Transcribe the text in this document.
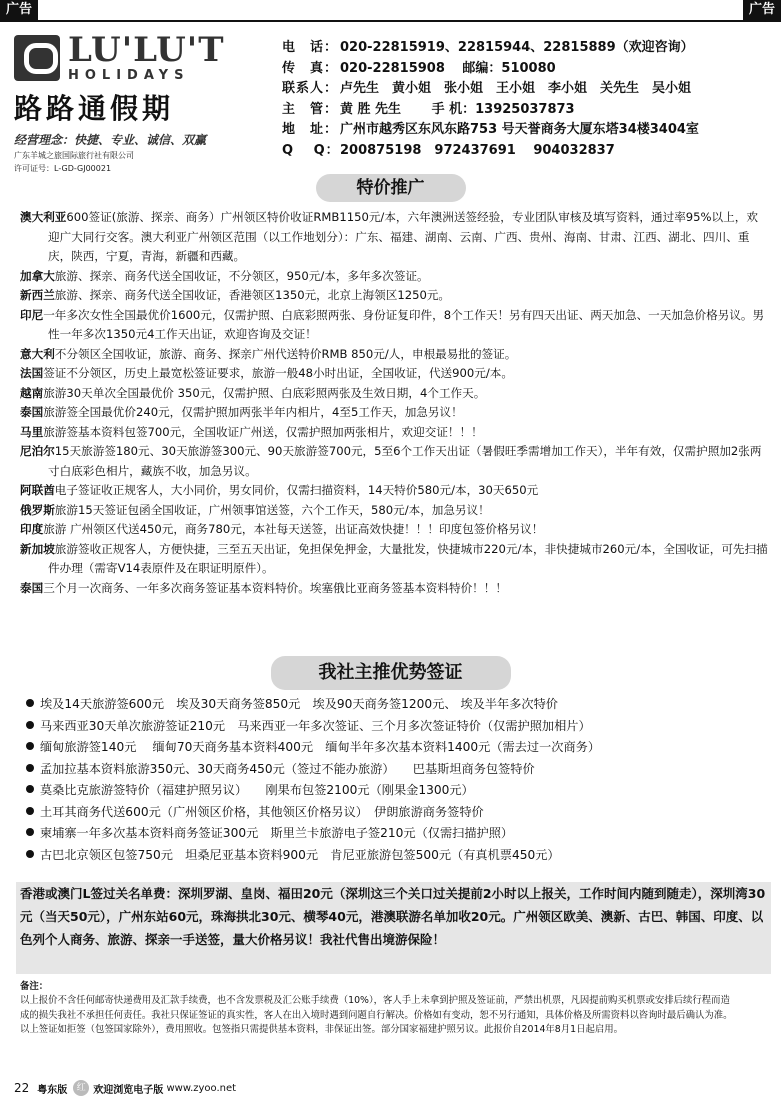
广告	广告
LU'LU'T
HOLIDAYS
路路通假期
经营理念：快捷、专业、诚信、双赢
广东羊城之旅国际旅行社有限公司
许可证号：L-GD-GJ00021
电　话： 020-22815919、22815944、22815889（欢迎咨询）
传　真： 020-22815908　 邮编：510080
联系人： 卢先生　黄小姐　张小姐　王小姐　李小姐　关先生　吴小姐
主　管： 黄 胜 先生　　 手 机：13925037873
地　址： 广州市越秀区东风东路753 号天誉商务大厦东塔34楼3404室
Q　 Q：200875198　972437691　 904032837
特价推广

澳大利亚600签证(旅游、探亲、商务）广州领区特价收证RMB1150元/本，六年澳洲送签经验，专业团队审核及填写资料，通过率95%以上，欢迎广大同行交客。澳大利亚广州领区范围（以工作地划分）：广东、福建、湖南、云南、广西、贵州、海南、甘肃、江西、湖北、四川、重庆，陕西，宁夏，青海，新疆和西藏。

加拿大旅游、探亲、商务代送全国收证，不分领区，950元/本，多年多次签证。

新西兰旅游、探亲、商务代送全国收证，香港领区1350元，北京上海领区1250元。

印尼一年多次女性全国最优价1600元，仅需护照、白底彩照两张、身份证复印件，8个工作天！另有四天出证、两天加急、一天加急价格另议。男性一年多次1350元4工作天出证，欢迎咨询及交证！

意大利不分领区全国收证，旅游、商务、探亲广州代送特价RMB 850元/人，申根最易批的签证。

法国签证不分领区，历史上最宽松签证要求，旅游一般48小时出证，全国收证，代送900元/本。

越南旅游30天单次全国最优价 350元，仅需护照、白底彩照两张及生效日期，4个工作天。

泰国旅游签全国最优价240元，仅需护照加两张半年内相片，4至5工作天，加急另议！

马里旅游签基本资料包签700元，全国收证广州送，仅需护照加两张相片，欢迎交证！！！

尼泊尔15天旅游签180元、30天旅游签300元、90天旅游签700元，5至6个工作天出证（暑假旺季需增加工作天），半年有效，仅需护照加2张两寸白底彩色相片，藏族不收，加急另议。

阿联酋电子签证收正规客人，大小同价，男女同价，仅需扫描资料，14天特价580元/本，30天650元

俄罗斯旅游15天签证包函全国收证，广州领事馆送签，六个工作天，580元/本，加急另议！

印度旅游 广州领区代送450元，商务780元，本社每天送签，出证高效快捷！！！印度包签价格另议！

新加坡旅游签收正规客人，方便快捷，三至五天出证，免担保免押金，大量批发，快捷城市220元/本，非快捷城市260元/本，全国收证，可先扫描件办理（需寄V14表原件及在职证明原件）。

泰国三个月一次商务、一年多次商务签证基本资料特价。埃塞俄比亚商务签基本资料特价！！！

我社主推优势签证
埃及14天旅游签600元　埃及30天商务签850元　埃及90天商务签1200元、 埃及半年多次特价
马来西亚30天单次旅游签证210元　马来西亚一年多次签证、三个月多次签证特价（仅需护照加相片）
缅甸旅游签140元　 缅甸70天商务基本资料400元　缅甸半年多次基本资料1400元（需去过一次商务）
孟加拉基本资料旅游350元、30天商务450元（签过不能办旅游）　　巴基斯坦商务包签特价
莫桑比克旅游签特价（福建护照另议）　　刚果布包签2100元（刚果金1300元）
土耳其商务代送600元（广州领区价格，其他领区价格另议）　伊朗旅游商务签特价
柬埔寨一年多次基本资料商务签证300元　斯里兰卡旅游电子签210元（仅需扫描护照）
古巴北京领区包签750元　坦桑尼亚基本资料900元　肯尼亚旅游包签500元（有真机票450元）
香港或澳门L签过关名单费：深圳罗湖、皇岗、福田20元（深圳这三个关口过关提前2小时以上报关，工作时间内随到随走），深圳湾30元（当天50元），广州东站60元，珠海拱北30元、横琴40元，港澳联游名单加收20元。广州领区欧美、澳新、古巴、韩国、印度、以色列个人商务、旅游、探亲一手送签，量大价格另议！我社代售出境游保险！
备注：以上报价不含任何邮寄快递费用及汇款手续费，也不含发票税及汇公账手续费（10%），客人手上未拿到护照及签证前，严禁出机票，凡因提前购买机票或安排后续行程而造成的损失我社不承担任何责任。我社只保证签证的真实性，客人在出入境时遇到问题自行解决。价格如有变动，恕不另行通知，具体价格及所需资料以咨询时最后确认为准。以上签证如拒签（包签国家除外），费用照收。包签指只需提供基本资料，非保证出签。部分国家福建护照另议。此报价自2014年8月1日起启用。
22 粤东版	红 欢迎浏览电子版
www.zyoo.net
